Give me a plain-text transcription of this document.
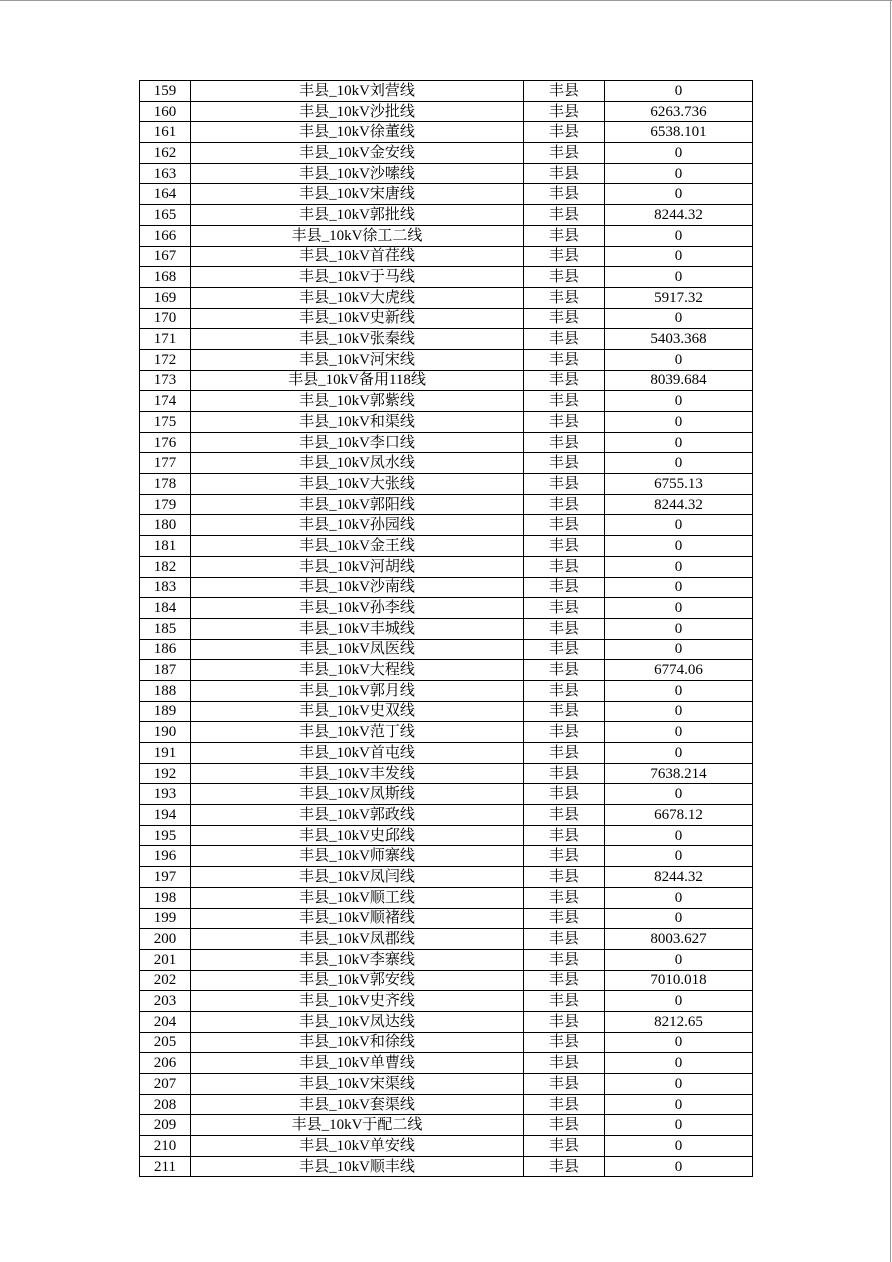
159	丰县_10kV刘营线	丰县	0
160	丰县_10kV沙批线	丰县	6263.736
161	丰县_10kV徐董线	丰县	6538.101
162	丰县_10kV金安线	丰县	0
163	丰县_10kV沙嗦线	丰县	0
164	丰县_10kV宋唐线	丰县	0
165	丰县_10kV郭批线	丰县	8244.32
166	丰县_10kV徐工二线	丰县	0
167	丰县_10kV首荏线	丰县	0
168	丰县_10kV于马线	丰县	0
169	丰县_10kV大虎线	丰县	5917.32
170	丰县_10kV史新线	丰县	0
171	丰县_10kV张秦线	丰县	5403.368
172	丰县_10kV河宋线	丰县	0
173	丰县_10kV备用118线	丰县	8039.684
174	丰县_10kV郭紫线	丰县	0
175	丰县_10kV和渠线	丰县	0
176	丰县_10kV李口线	丰县	0
177	丰县_10kV凤水线	丰县	0
178	丰县_10kV大张线	丰县	6755.13
179	丰县_10kV郭阳线	丰县	8244.32
180	丰县_10kV孙园线	丰县	0
181	丰县_10kV金王线	丰县	0
182	丰县_10kV河胡线	丰县	0
183	丰县_10kV沙南线	丰县	0
184	丰县_10kV孙李线	丰县	0
185	丰县_10kV丰城线	丰县	0
186	丰县_10kV凤医线	丰县	0
187	丰县_10kV大程线	丰县	6774.06
188	丰县_10kV郭月线	丰县	0
189	丰县_10kV史双线	丰县	0
190	丰县_10kV范丁线	丰县	0
191	丰县_10kV首屯线	丰县	0
192	丰县_10kV丰发线	丰县	7638.214
193	丰县_10kV凤斯线	丰县	0
194	丰县_10kV郭政线	丰县	6678.12
195	丰县_10kV史邱线	丰县	0
196	丰县_10kV师寨线	丰县	0
197	丰县_10kV凤闫线	丰县	8244.32
198	丰县_10kV顺工线	丰县	0
199	丰县_10kV顺褚线	丰县	0
200	丰县_10kV凤郡线	丰县	8003.627
201	丰县_10kV李寨线	丰县	0
202	丰县_10kV郭安线	丰县	7010.018
203	丰县_10kV史齐线	丰县	0
204	丰县_10kV凤达线	丰县	8212.65
205	丰县_10kV和徐线	丰县	0
206	丰县_10kV单曹线	丰县	0
207	丰县_10kV宋渠线	丰县	0
208	丰县_10kV套渠线	丰县	0
209	丰县_10kV于配二线	丰县	0
210	丰县_10kV单安线	丰县	0
211	丰县_10kV顺丰线	丰县	0
